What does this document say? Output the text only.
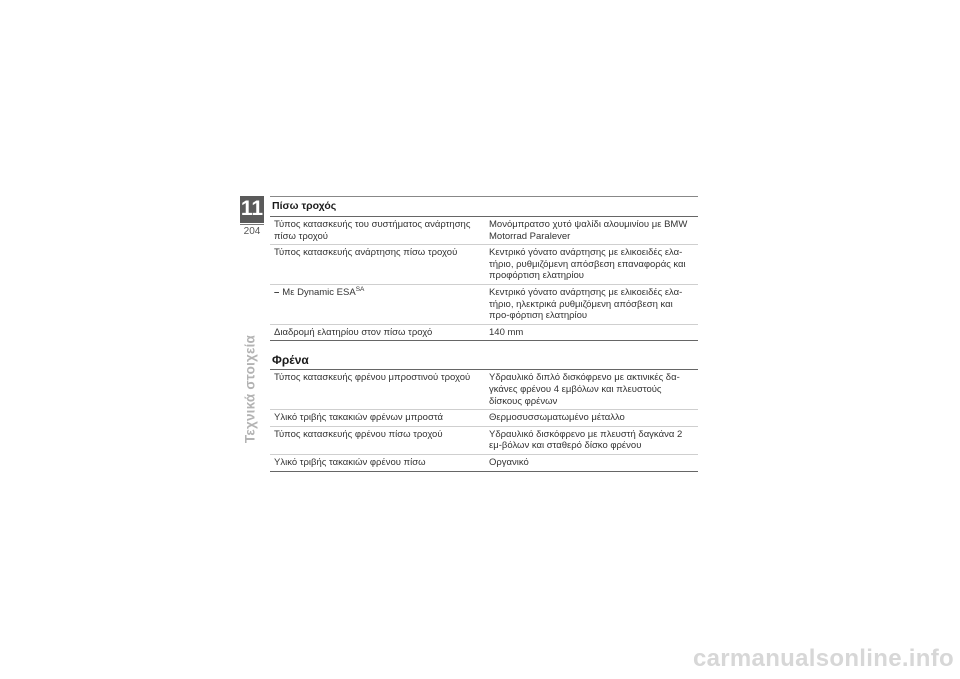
11
204
Τεχνικά στοιχεία
Πίσω τροχός
Τύπος κατασκευής του συστήματος ανάρτησης πίσω τροχού	Μονόμπρατσο χυτό ψαλίδι αλουμινίου με BMW Motorrad Paralever
Τύπος κατασκευής ανάρτησης πίσω τροχού	Κεντρικό γόνατο ανάρτησης με ελικοειδές ελα-τήριο, ρυθμιζόμενη απόσβεση επαναφοράς και προφόρτιση ελατηρίου
– Με Dynamic $ESA^{SA}$	Κεντρικό γόνατο ανάρτησης με ελικοειδές ελα-τήριο, ηλεκτρικά ρυθμιζόμενη απόσβεση και προ-φόρτιση ελατηρίου
Διαδρομή ελατηρίου στον πίσω τροχό	140 mm
Φρένα
Τύπος κατασκευής φρένου μπροστινού τροχού	Υδραυλικό διπλό δισκόφρενο με ακτινικές δα-γκάνες φρένου 4 εμβόλων και πλευστούς δίσκους φρένων
Υλικό τριβής τακακιών φρένων μπροστά	Θερμοσυσσωματωμένο μέταλλο
Τύπος κατασκευής φρένου πίσω τροχού	Υδραυλικό δισκόφρενο με πλευστή δαγκάνα 2 εμ-βόλων και σταθερό δίσκο φρένου
Υλικό τριβής τακακιών φρένου πίσω	Οργανικό
carmanualsonline.info
